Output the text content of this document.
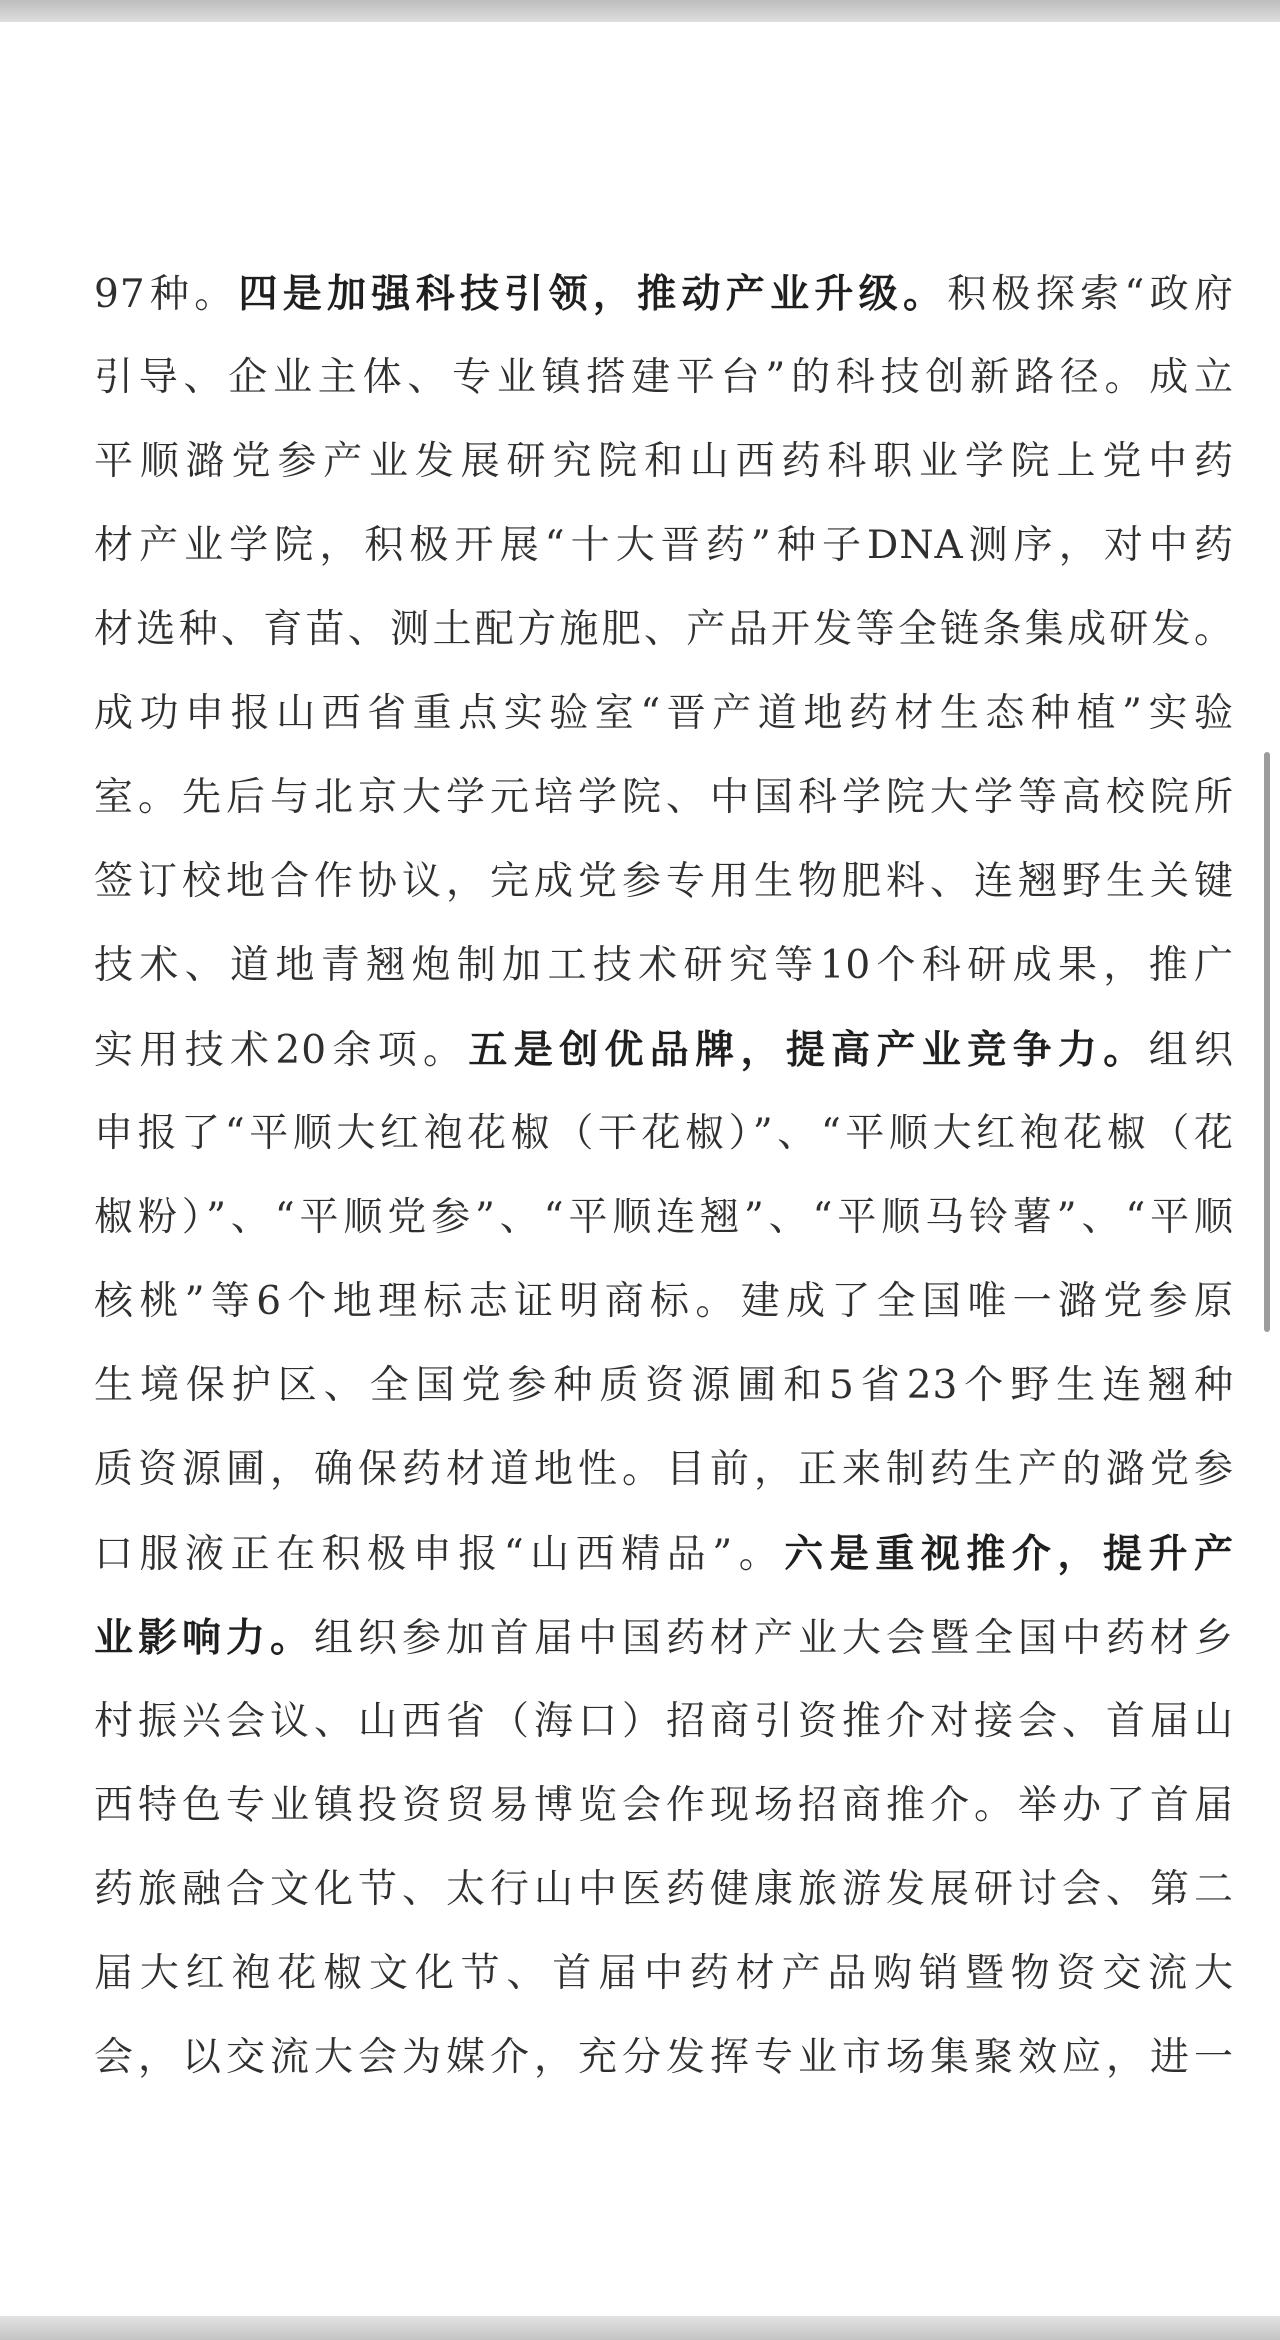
97种。四是加强科技引领，推动产业升级。积极探索“政府
引导、企业主体、专业镇搭建平台”的科技创新路径。成立
平顺潞党参产业发展研究院和山西药科职业学院上党中药
材产业学院，积极开展“十大晋药”种子DNA测序，对中药
材选种、育苗、测土配方施肥、产品开发等全链条集成研发。
成功申报山西省重点实验室“晋产道地药材生态种植”实验
室。先后与北京大学元培学院、中国科学院大学等高校院所
签订校地合作协议，完成党参专用生物肥料、连翘野生关键
技术、道地青翘炮制加工技术研究等10个科研成果，推广
实用技术20余项。五是创优品牌，提高产业竞争力。组织
申报了“平顺大红袍花椒（干花椒）”、“平顺大红袍花椒（花
椒粉）”、“平顺党参”、“平顺连翘”、“平顺马铃薯”、“平顺
核桃”等6个地理标志证明商标。建成了全国唯一潞党参原
生境保护区、全国党参种质资源圃和5省23个野生连翘种
质资源圃，确保药材道地性。目前，正来制药生产的潞党参
口服液正在积极申报“山西精品”。六是重视推介，提升产
业影响力。组织参加首届中国药材产业大会暨全国中药材乡
村振兴会议、山西省（海口）招商引资推介对接会、首届山
西特色专业镇投资贸易博览会作现场招商推介。举办了首届
药旅融合文化节、太行山中医药健康旅游发展研讨会、第二
届大红袍花椒文化节、首届中药材产品购销暨物资交流大
会，以交流大会为媒介，充分发挥专业市场集聚效应，进一
